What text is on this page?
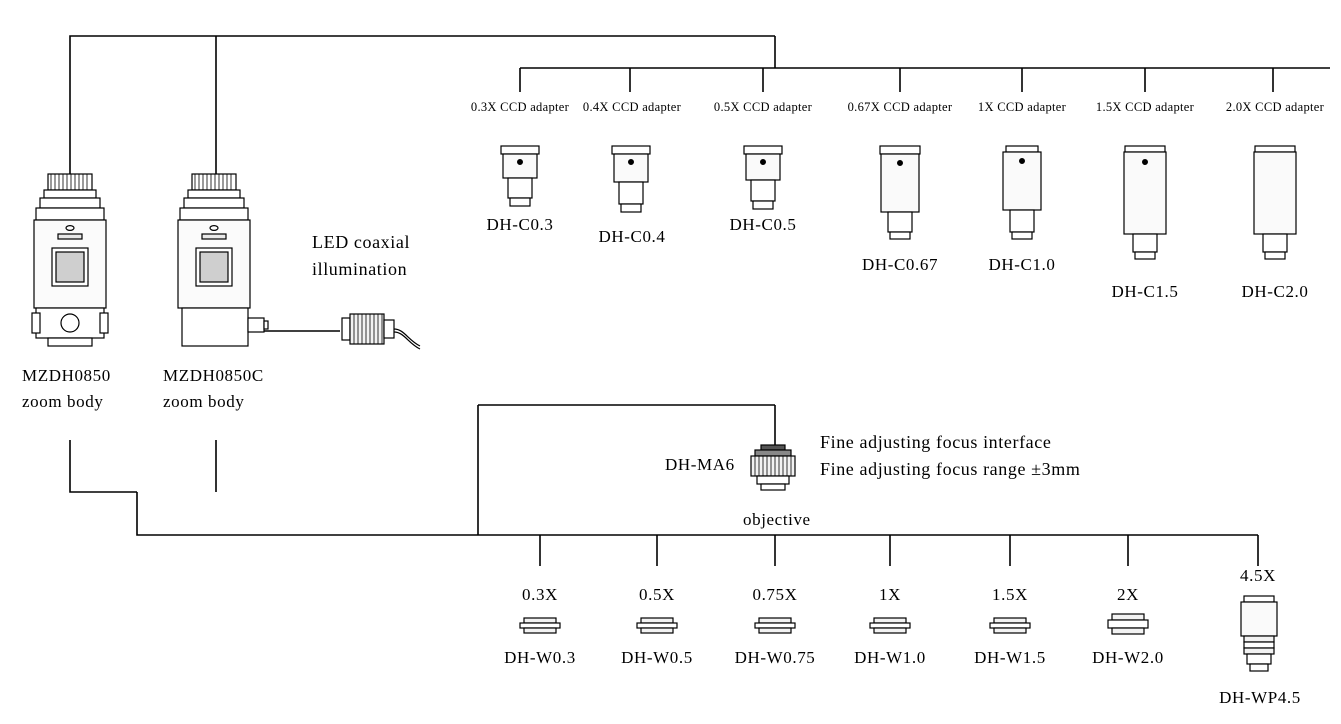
MZDH0850
zoom body
MZDH0850C
zoom body
LED coaxial
illumination
0.3X CCD adapter
DH-C0.3
0.4X CCD adapter
DH-C0.4
0.5X CCD adapter
DH-C0.5
0.67X CCD adapter
DH-C0.67
1X CCD adapter
DH-C1.0
1.5X CCD adapter
DH-C1.5
2.0X CCD adapter
DH-C2.0
DH-MA6
Fine adjusting focus interface
Fine adjusting focus range ±3mm
objective
0.3X
DH-W0.3
0.5X
DH-W0.5
0.75X
DH-W0.75
1X
DH-W1.0
1.5X
DH-W1.5
2X
DH-W2.0
4.5X
DH-WP4.5
